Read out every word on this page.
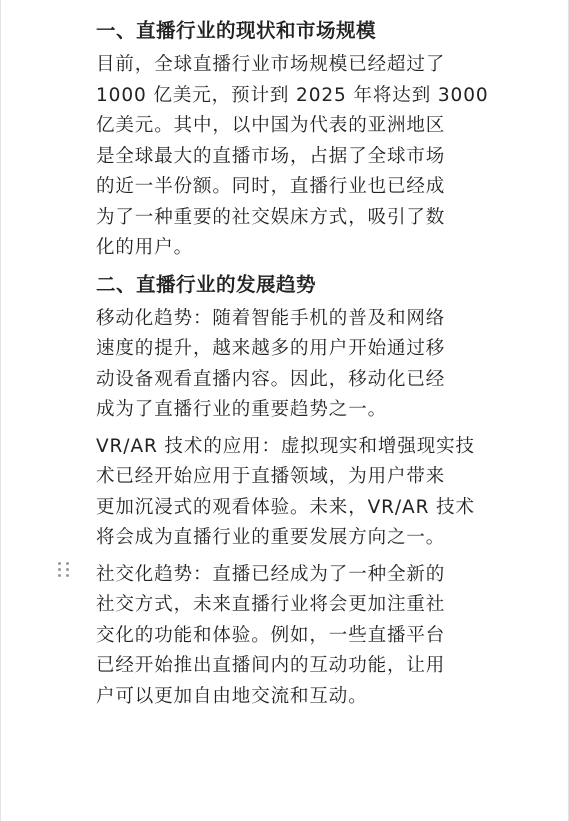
一、直播行业的现状和市场规模
目前，全球直播行业市场规模已经超过了
1000 亿美元，预计到 2025 年将达到 3000
亿美元。其中，以中国为代表的亚洲地区
是全球最大的直播市场，占据了全球市场
的近一半份额。同时，直播行业也已经成
为了一种重要的社交娱床方式，吸引了数
化的用户。
二、直播行业的发展趋势
移动化趋势：随着智能手机的普及和网络
速度的提升，越来越多的用户开始通过移
动设备观看直播内容。因此，移动化已经
成为了直播行业的重要趋势之一。
VR/AR 技术的应用：虚拟现实和增强现实技
术已经开始应用于直播领域，为用户带来
更加沉浸式的观看体验。未来，VR/AR 技术
将会成为直播行业的重要发展方向之一。
社交化趋势：直播已经成为了一种全新的
社交方式，未来直播行业将会更加注重社
交化的功能和体验。例如，一些直播平台
已经开始推出直播间内的互动功能，让用
户可以更加自由地交流和互动。
